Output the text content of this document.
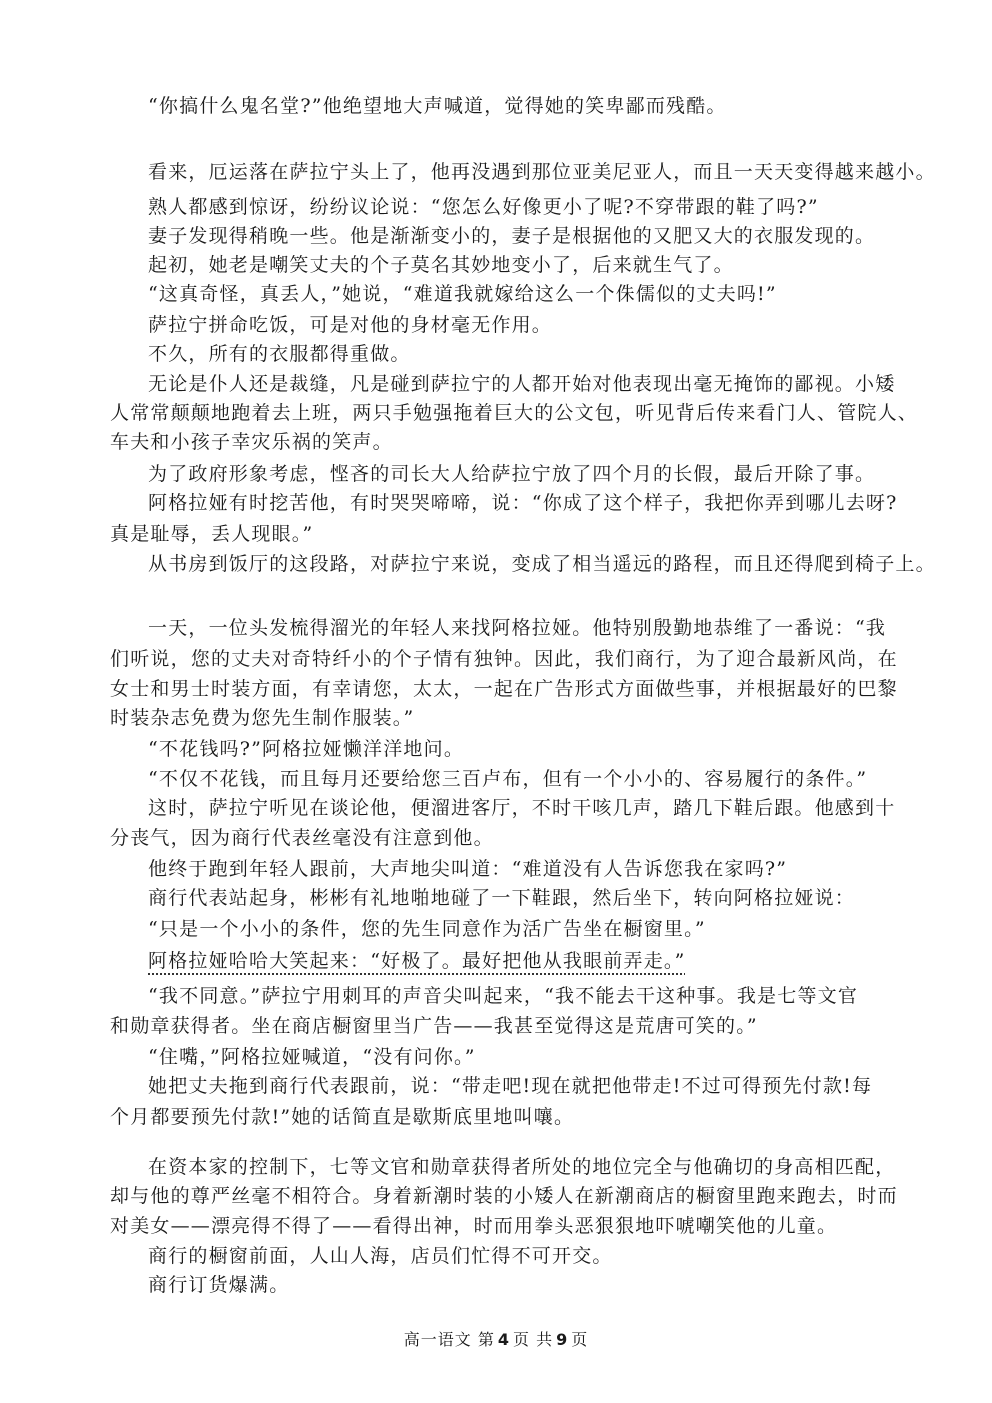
“你搞什么鬼名堂?”他绝望地大声喊道，觉得她的笑卑鄙而残酷。
看来，厄运落在萨拉宁头上了，他再没遇到那位亚美尼亚人，而且一天天变得越来越小。
熟人都感到惊讶，纷纷议论说：“您怎么好像更小了呢?不穿带跟的鞋了吗?”
妻子发现得稍晚一些。他是渐渐变小的，妻子是根据他的又肥又大的衣服发现的。
起初，她老是嘲笑丈夫的个子莫名其妙地变小了，后来就生气了。
“这真奇怪，真丢人，”她说，“难道我就嫁给这么一个侏儒似的丈夫吗!”
萨拉宁拼命吃饭，可是对他的身材毫无作用。
不久，所有的衣服都得重做。
无论是仆人还是裁缝，凡是碰到萨拉宁的人都开始对他表现出毫无掩饰的鄙视。小矮
人常常颠颠地跑着去上班，两只手勉强拖着巨大的公文包，听见背后传来看门人、管院人、
车夫和小孩子幸灾乐祸的笑声。
为了政府形象考虑，悭吝的司长大人给萨拉宁放了四个月的长假，最后开除了事。
阿格拉娅有时挖苦他，有时哭哭啼啼，说：“你成了这个样子，我把你弄到哪儿去呀?
真是耻辱，丢人现眼。”
从书房到饭厅的这段路，对萨拉宁来说，变成了相当遥远的路程，而且还得爬到椅子上。
一天，一位头发梳得溜光的年轻人来找阿格拉娅。他特别殷勤地恭维了一番说：“我
们听说，您的丈夫对奇特纤小的个子情有独钟。因此，我们商行，为了迎合最新风尚，在
女士和男士时装方面，有幸请您，太太，一起在广告形式方面做些事，并根据最好的巴黎
时装杂志免费为您先生制作服装。”
“不花钱吗?”阿格拉娅懒洋洋地问。
“不仅不花钱，而且每月还要给您三百卢布，但有一个小小的、容易履行的条件。”
这时，萨拉宁听见在谈论他，便溜进客厅，不时干咳几声，踏几下鞋后跟。他感到十
分丧气，因为商行代表丝毫没有注意到他。
他终于跑到年轻人跟前，大声地尖叫道：“难道没有人告诉您我在家吗?”
商行代表站起身，彬彬有礼地啪地碰了一下鞋跟，然后坐下，转向阿格拉娅说：
“只是一个小小的条件，您的先生同意作为活广告坐在橱窗里。”
阿格拉娅哈哈大笑起来：“好极了。最好把他从我眼前弄走。”
“我不同意。”萨拉宁用刺耳的声音尖叫起来，“我不能去干这种事。我是七等文官
和勋章获得者。坐在商店橱窗里当广告——我甚至觉得这是荒唐可笑的。”
“住嘴，”阿格拉娅喊道，“没有问你。”
她把丈夫拖到商行代表跟前，说：“带走吧!现在就把他带走!不过可得预先付款!每
个月都要预先付款!”她的话简直是歇斯底里地叫嚷。
在资本家的控制下，七等文官和勋章获得者所处的地位完全与他确切的身高相匹配，
却与他的尊严丝毫不相符合。身着新潮时装的小矮人在新潮商店的橱窗里跑来跑去，时而
对美女——漂亮得不得了——看得出神，时而用拳头恶狠狠地吓唬嘲笑他的儿童。
商行的橱窗前面，人山人海，店员们忙得不可开交。
商行订货爆满。
高一语文 第 4 页 共 9 页
